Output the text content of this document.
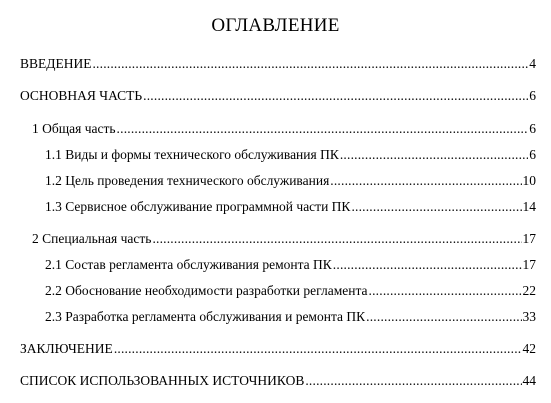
ОГЛАВЛЕНИЕ
ВВЕДЕНИЕ .....	4
ОСНОВНАЯ ЧАСТЬ .....	6
1 Общая часть .....	6
1.1 Виды и формы технического обслуживания ПК .....	6
1.2 Цель проведения технического обслуживания .....	10
1.3 Сервисное обслуживание программной части ПК .....	14
2 Специальная часть .....	17
2.1 Состав регламента обслуживания ремонта ПК .....	17
2.2 Обоснование необходимости разработки регламента .....	22
2.3 Разработка регламента обслуживания и ремонта ПК .....	33
ЗАКЛЮЧЕНИЕ .....	42
СПИСОК ИСПОЛЬЗОВАННЫХ ИСТОЧНИКОВ .....	44
